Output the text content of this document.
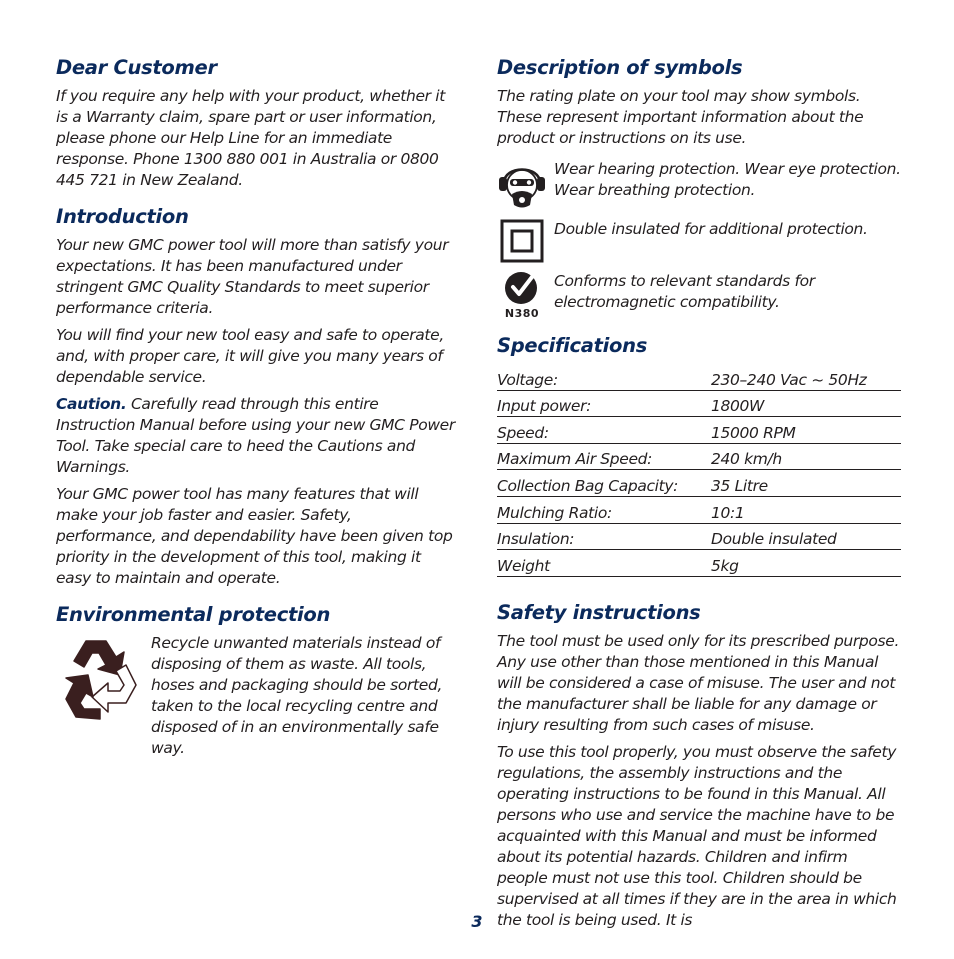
Dear Customer

If you require any help with your product, whether it is a Warranty claim, spare part or user information, please phone our Help Line for an immediate response. Phone 1300 880 001 in Australia or 0800 445 721 in New Zealand.

Introduction

Your new GMC power tool will more than satisfy your expectations. It has been manufactured under stringent GMC Quality Standards to meet superior performance criteria.

You will find your new tool easy and safe to operate, and, with proper care, it will give you many years of dependable service.

Caution. Carefully read through this entire Instruction Manual before using your new GMC Power Tool. Take special care to heed the Cautions and Warnings.

Your GMC power tool has many features that will make your job faster and easier. Safety, performance, and dependability have been given top priority in the development of this tool, making it easy to maintain and operate.

Environmental protection

Recycle unwanted materials instead of disposing of them as waste. All tools, hoses and packaging should be sorted, taken to the local recycling centre and disposed of in an environmentally safe way.

Description of symbols

The rating plate on your tool may show symbols. These represent important information about the product or instructions on its use.

Wear hearing protection. Wear eye protection. Wear breathing protection.

Double insulated for additional protection.

N380

Conforms to relevant standards for electromagnetic compatibility.

Specifications
Voltage:	230–240 Vac ~ 50Hz
Input power:	1800W
Speed:	15000 RPM
Maximum Air Speed:	240 km/h
Collection Bag Capacity:	35 Litre
Mulching Ratio:	10:1
Insulation:	Double insulated
Weight	5kg
Safety instructions

The tool must be used only for its prescribed purpose. Any use other than those mentioned in this Manual will be considered a case of misuse. The user and not the manufacturer shall be liable for any damage or injury resulting from such cases of misuse.

To use this tool properly, you must observe the safety regulations, the assembly instructions and the operating instructions to be found in this Manual. All persons who use and service the machine have to be acquainted with this Manual and must be informed about its potential hazards. Children and infirm people must not use this tool. Children should be supervised at all times if they are in the area in which the tool is being used. It is

3
